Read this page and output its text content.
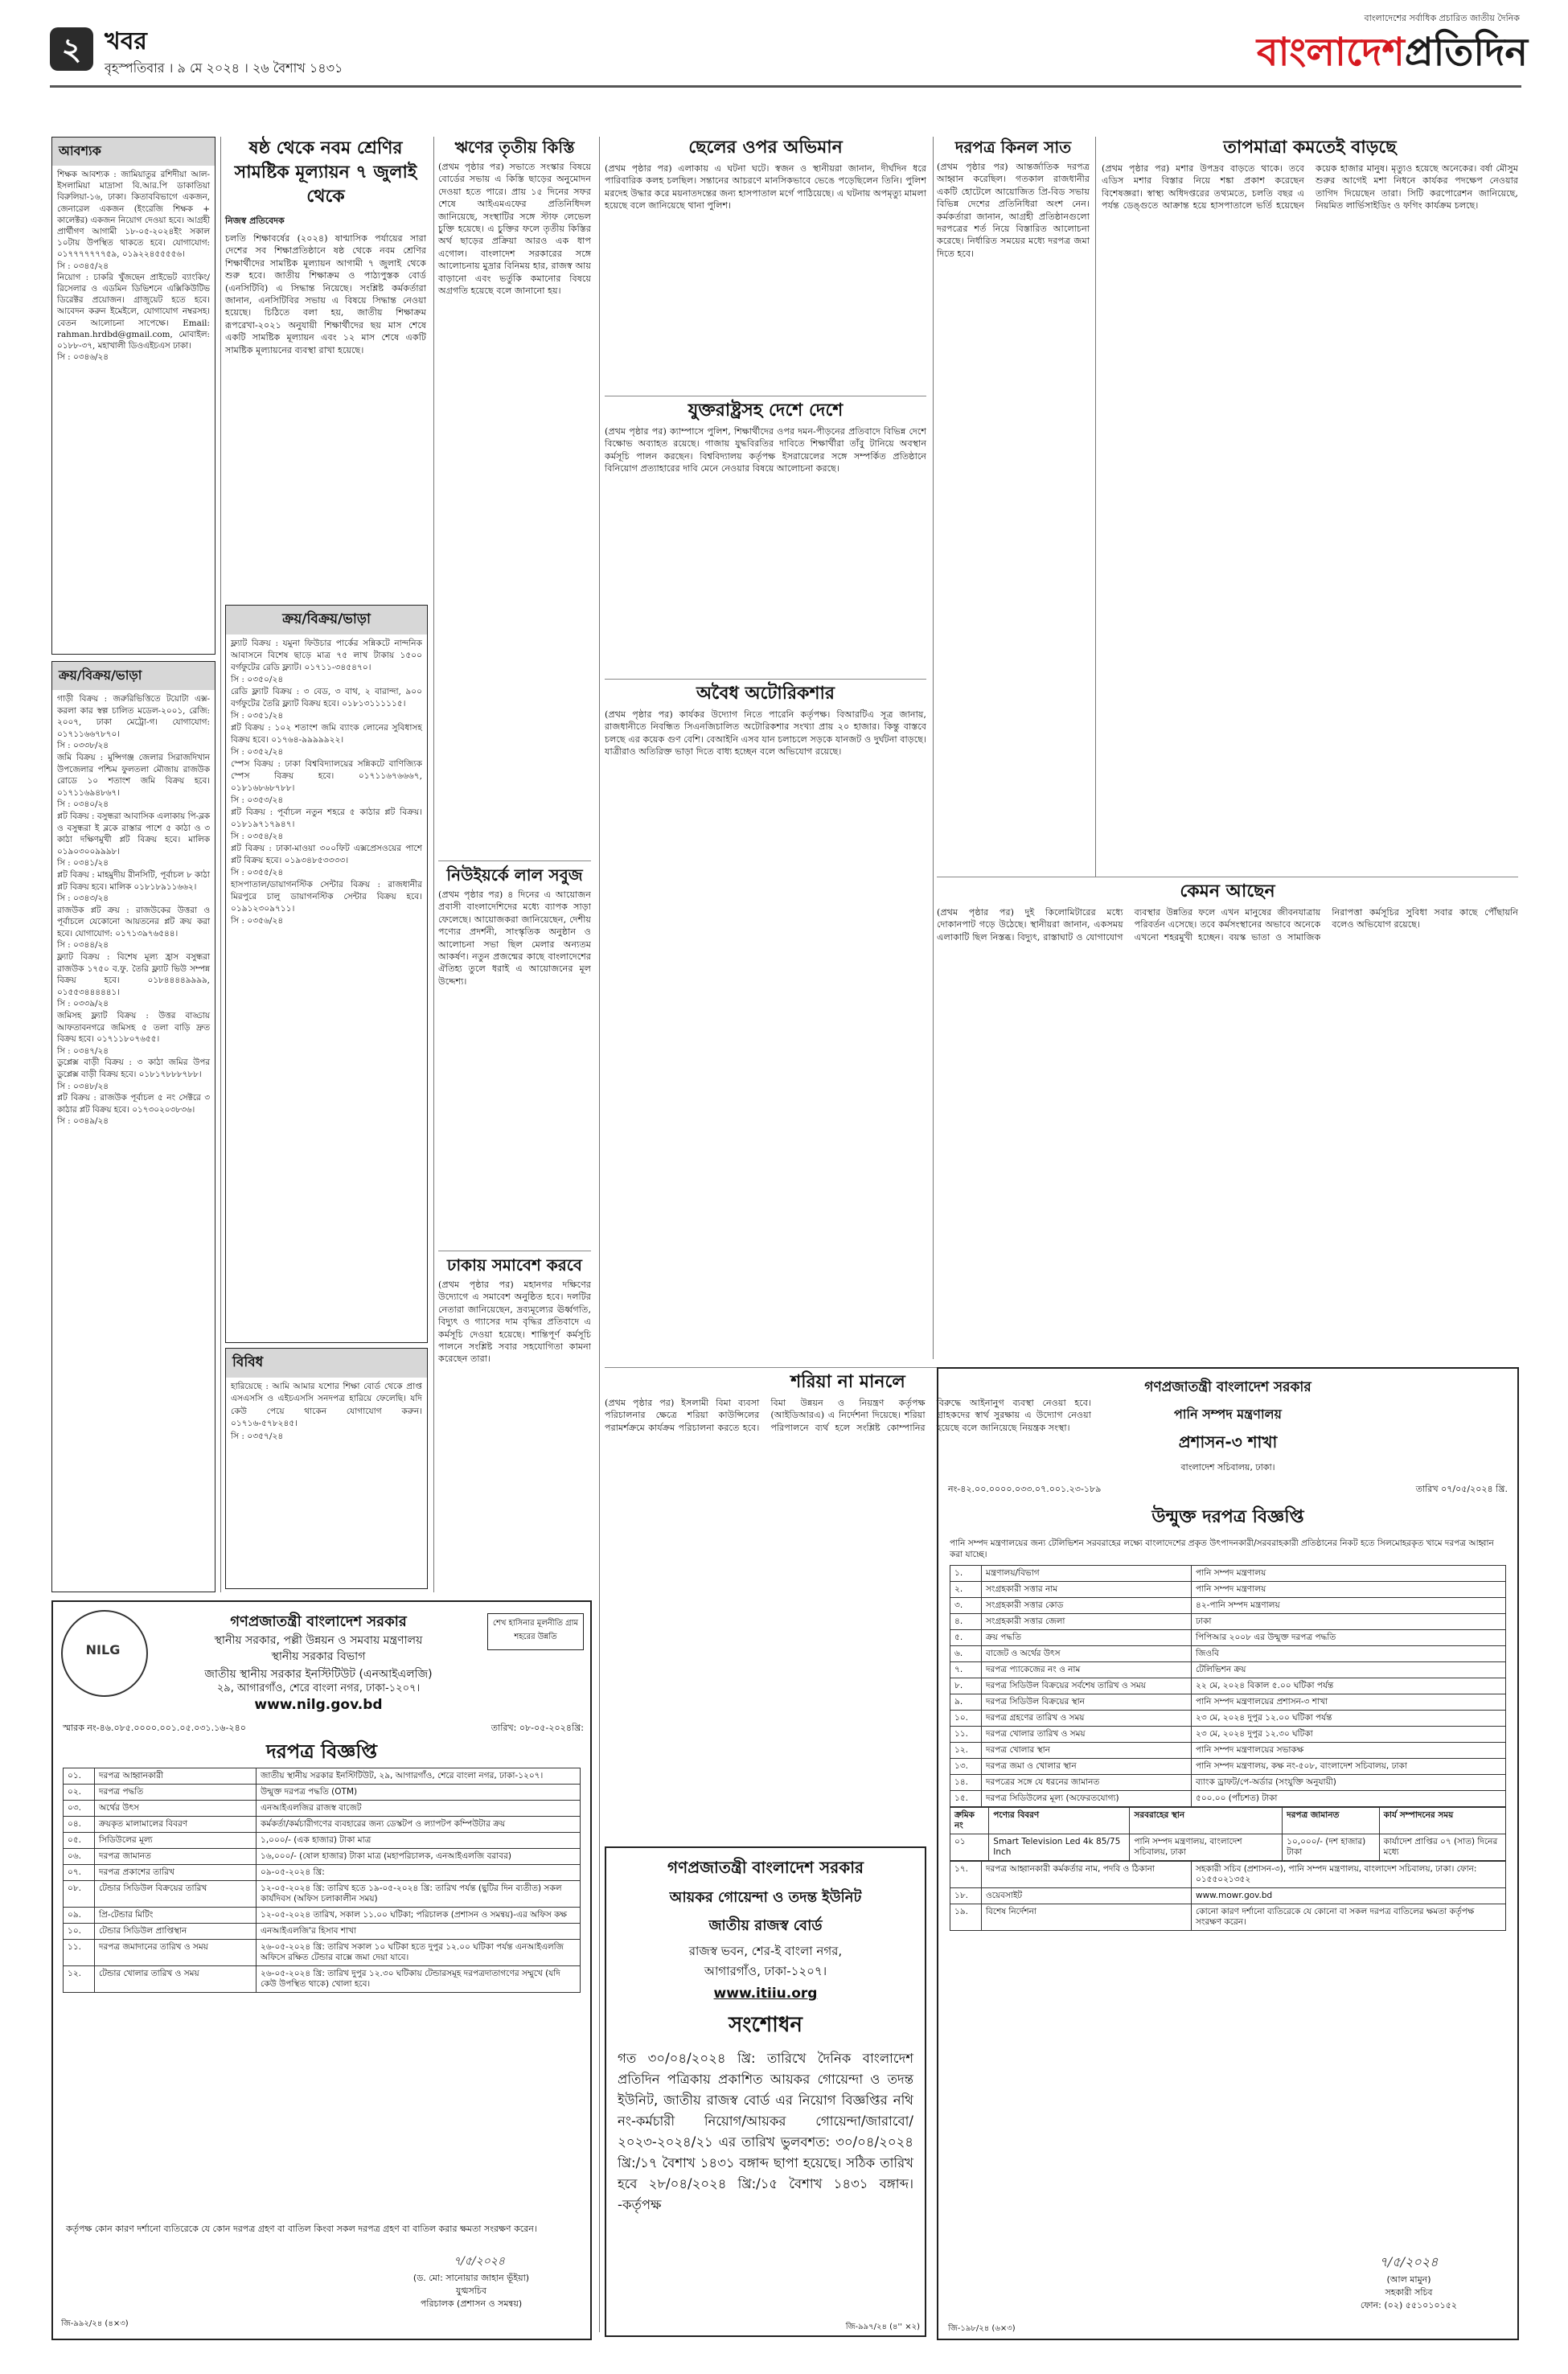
২ খবর
বৃহস্পতিবার । ৯ মে ২০২৪ । ২৬ বৈশাখ ১৪৩১
বাংলাদেশের সর্বাধিক প্রচারিত জাতীয় দৈনিক
বাংলাদেশপ্রতিদিন
আবশ্যক
শিক্ষক আবশ্যক : জামিয়াতুর রশিদীয়া আল-ইসলামিয়া মাদ্রাসা বি.আর.পি ডাকাতিয়া বিরুলিয়া-১৬, ঢাকা। কিতাববিভাগে একজন, জেনারেল একজন (ইংরেজি শিক্ষক + কালেক্টর) একজন নিয়োগ দেওয়া হবে। আগ্রহী প্রার্থীগণ আগামী ১৮-০৫-২০২৪ইং সকাল ১০টায় উপস্থিত থাকতে হবে। যোগাযোগ: ০১৭৭৭৭৭৭৭৫৯, ০১৯২২৪৫৫৫৫৬।
সি : ০৩৪৫/২৪
নিয়োগ : চাকরি খুঁজছেন প্রাইভেট ব্যাংকিং/রিসেলার ও এডমিন ডিভিশনে এক্সিকিউটিভ ডিরেক্টর প্রয়োজন। গ্রাজুয়েট হতে হবে। আবেদন করুন ইমেইলে, যোগাযোগ নম্বরসহ। বেতন আলোচনা সাপেক্ষে। Email: rahman.hrdbd@gmail.com, মোবাইল: ০১৮৮-৩৭, মহাখালী ডিওএইচএস ঢাকা।
সি : ০৩৪৬/২৪
ক্রয়/বিক্রয়/ভাড়া
গাড়ী বিক্রয় : জরুরিভিত্তিতে টয়োটা এক্স-করলা কার স্বল্প চালিত মডেল-২০০১, রেজি: ২০০৭, ঢাকা মেট্রো-গ। যোগাযোগ: ০১৭১১৬৬৭৮৭০।
সি : ০৩৩৮/২৪
জমি বিক্রয় : মুন্সিগঞ্জ জেলার সিরাজদিখান উপজেলার পশ্চিম ফুলতলা মৌজায় রাজউক রোডে ১০ শতাংশ জমি বিক্রয় হবে। ০১৭১১৬৯৪৮৬৭।
সি : ০৩৪০/২৪
প্লট বিক্রয় : বসুন্ধরা আবাসিক এলাকায় পি-ব্লক ও বসুন্ধরা ই ব্লকে রাস্তার পাশে ৫ কাঠা ও ৩ কাঠা দক্ষিণমুখী প্লট বিক্রয় হবে। মালিক ০১৯০৩০০৯৯৯৮।
সি : ০৩৪১/২৪
প্লট বিক্রয় : মাহমুদীয় রীনসিটি, পূর্বাচল ৮ কাঠা প্লট বিক্রয় হবে। মালিক ০১৮১৮৯১১৬৬২।
সি : ০৩৪৩/২৪
রাজউক প্লট ক্রয় : রাজউকের উত্তরা ও পূর্বাচলে যেকোনো আয়তনের প্লট ক্রয় করা হবে। যোগাযোগ: ০১৭১৩৯৭৬৫৪৪।
সি : ০৩৪৪/২৪
ফ্ল্যাট বিক্রয় : বিশেষ মূল্য হ্রাস বসুন্ধরা রাজউক ১৭৫০ ব.ফু. তৈরি ফ্ল্যাট ভিউ সম্পন্ন বিক্রয় হবে। ০১৮৪৪৪৪৯৯৯৯, ০১৫৫৩৪৪৪৪৪১।
সি : ০৩৩৯/২৪
জমিসহ ফ্ল্যাট বিক্রয় : উত্তর বাড্ডায় আফতাবনগরে জমিসহ ৫ তলা বাড়ি দ্রুত বিক্রয় হবে। ০১৭১১৮০৭৬৫৫।
সি : ০৩৪৭/২৪
ডুপ্লেক্স বাড়ী বিক্রয় : ৩ কাঠা জমির উপর ডুপ্লেক্স বাড়ী বিক্রয় হবে। ০১৮১৭৮৮৮৭৮৮।
সি : ০৩৪৮/২৪
প্লট বিক্রয় : রাজউক পূর্বাচল ৫ নং সেক্টরে ৩ কাঠার প্লট বিক্রয় হবে। ০১৭৩০২০৩৮৩৬।
সি : ০৩৪৯/২৪
ষষ্ঠ থেকে নবম শ্রেণির সামষ্টিক মূল্যায়ন ৭ জুলাই থেকে
নিজস্ব প্রতিবেদক
চলতি শিক্ষাবর্ষের (২০২৪) ষাণ্মাসিক পর্যায়ের সারা দেশের সব শিক্ষাপ্রতিষ্ঠানে ষষ্ঠ থেকে নবম শ্রেণির শিক্ষার্থীদের সামষ্টিক মূল্যায়ন আগামী ৭ জুলাই থেকে শুরু হবে। জাতীয় শিক্ষাক্রম ও পাঠ্যপুস্তক বোর্ড (এনসিটিবি) এ সিদ্ধান্ত নিয়েছে। সংশ্লিষ্ট কর্মকর্তারা জানান, এনসিটিবির সভায় এ বিষয়ে সিদ্ধান্ত নেওয়া হয়েছে। চিঠিতে বলা হয়, জাতীয় শিক্ষাক্রম রূপরেখা-২০২১ অনুযায়ী শিক্ষার্থীদের ছয় মাস শেষে একটি সামষ্টিক মূল্যায়ন এবং ১২ মাস শেষে একটি সামষ্টিক মূল্যায়নের ব্যবস্থা রাখা হয়েছে।
ক্রয়/বিক্রয়/ভাড়া
ফ্ল্যাট বিক্রয় : যমুনা ফিউচার পার্কের সন্নিকটে নান্দনিক আবাসনে বিশেষ ছাড়ে মাত্র ৭৫ লাখ টাকায় ১৫০০ বর্গফুটের রেডি ফ্ল্যাট। ০১৭১১-৩৪৫৪৭০।
সি : ০৩৫০/২৪
রেডি ফ্ল্যাট বিক্রয় : ৩ বেড, ৩ বাথ, ২ বারান্দা, ৯০০ বর্গফুটের তৈরি ফ্ল্যাট বিক্রয় হবে। ০১৮১৩১১১১১৫।
সি : ০৩৫১/২৪
প্লট বিক্রয় : ১০২ শতাংশ জমি ব্যাংক লোনের সুবিধাসহ বিক্রয় হবে। ০১৭৬৪-৯৯৯৯৯২২।
সি : ০৩৫২/২৪
স্পেস বিক্রয় : ঢাকা বিশ্ববিদ্যালয়ের সন্নিকটে বাণিজ্যিক স্পেস বিক্রয় হবে। ০১৭১১৬৭৬৬৬৭, ০১৮১৬৮৬৮৭৮৮।
সি : ০৩৫৩/২৪
প্লট বিক্রয় : পূর্বাচল নতুন শহরে ৫ কাঠার প্লট বিক্রয়। ০১৮১৯৭১৭৯৪৭।
সি : ০৩৫৪/২৪
প্লট বিক্রয় : ঢাকা-মাওয়া ৩০০ফিট এক্সপ্রেসওয়ের পাশে প্লট বিক্রয় হবে। ০১৯৩৪৮৫৩৩৩৩।
সি : ০৩৫৫/২৪
হাসপাতাল/ডায়াগনস্টিক সেন্টার বিক্রয় : রাজধানীর মিরপুরে চালু ডায়াগনস্টিক সেন্টার বিক্রয় হবে। ০১৯১২৩০৯৭১১।
সি : ০৩৫৬/২৪
বিবিধ
হারিয়েছে : আমি আমার যশোর শিক্ষা বোর্ড থেকে প্রাপ্ত এসএসসি ও এইচএসসি সনদপত্র হারিয়ে ফেলেছি। যদি কেউ পেয়ে থাকেন যোগাযোগ করুন। ০১৭১৬-৫৭৮২৪৫।
সি : ০৩৫৭/২৪
ঋণের তৃতীয় কিস্তি
(প্রথম পৃষ্ঠার পর) সভাতে সংস্কার বিষয়ে বোর্ডের সভায় এ কিস্তি ছাড়ের অনুমোদন দেওয়া হতে পারে। প্রায় ১৫ দিনের সফর শেষে আইএমএফের প্রতিনিধিদল জানিয়েছে, সংস্থাটির সঙ্গে স্টাফ লেভেল চুক্তি হয়েছে। এ চুক্তির ফলে তৃতীয় কিস্তির অর্থ ছাড়ের প্রক্রিয়া আরও এক ধাপ এগোল। বাংলাদেশ সরকারের সঙ্গে আলোচনায় মুদ্রার বিনিময় হার, রাজস্ব আয় বাড়ানো এবং ভর্তুকি কমানোর বিষয়ে অগ্রগতি হয়েছে বলে জানানো হয়।
নিউইয়র্কে লাল সবুজ
(প্রথম পৃষ্ঠার পর) ৪ দিনের এ আয়োজন প্রবাসী বাংলাদেশিদের মধ্যে ব্যাপক সাড়া ফেলেছে। আয়োজকরা জানিয়েছেন, দেশীয় পণ্যের প্রদর্শনী, সাংস্কৃতিক অনুষ্ঠান ও আলোচনা সভা ছিল মেলার অন্যতম আকর্ষণ। নতুন প্রজন্মের কাছে বাংলাদেশের ঐতিহ্য তুলে ধরাই এ আয়োজনের মূল উদ্দেশ্য।
ঢাকায় সমাবেশ করবে
(প্রথম পৃষ্ঠার পর) মহানগর দক্ষিণের উদ্যোগে এ সমাবেশ অনুষ্ঠিত হবে। দলটির নেতারা জানিয়েছেন, দ্রব্যমূল্যের ঊর্ধ্বগতি, বিদ্যুৎ ও গ্যাসের দাম বৃদ্ধির প্রতিবাদে এ কর্মসূচি দেওয়া হয়েছে। শান্তিপূর্ণ কর্মসূচি পালনে সংশ্লিষ্ট সবার সহযোগিতা কামনা করেছেন তারা।
ছেলের ওপর অভিমান
(প্রথম পৃষ্ঠার পর) এলাকায় এ ঘটনা ঘটে। স্বজন ও স্থানীয়রা জানান, দীর্ঘদিন ধরে পারিবারিক কলহ চলছিল। সন্তানের আচরণে মানসিকভাবে ভেঙে পড়েছিলেন তিনি। পুলিশ মরদেহ উদ্ধার করে ময়নাতদন্তের জন্য হাসপাতাল মর্গে পাঠিয়েছে। এ ঘটনায় অপমৃত্যু মামলা হয়েছে বলে জানিয়েছে থানা পুলিশ।
যুক্তরাষ্ট্রসহ দেশে দেশে
(প্রথম পৃষ্ঠার পর) ক্যাম্পাসে পুলিশ, শিক্ষার্থীদের ওপর দমন-পীড়নের প্রতিবাদে বিভিন্ন দেশে বিক্ষোভ অব্যাহত রয়েছে। গাজায় যুদ্ধবিরতির দাবিতে শিক্ষার্থীরা তাঁবু টানিয়ে অবস্থান কর্মসূচি পালন করছেন। বিশ্ববিদ্যালয় কর্তৃপক্ষ ইসরায়েলের সঙ্গে সম্পর্কিত প্রতিষ্ঠানে বিনিয়োগ প্রত্যাহারের দাবি মেনে নেওয়ার বিষয়ে আলোচনা করছে।
অবৈধ অটোরিকশার
(প্রথম পৃষ্ঠার পর) কার্যকর উদ্যোগ নিতে পারেনি কর্তৃপক্ষ। বিআরটিএ সূত্র জানায়, রাজধানীতে নিবন্ধিত সিএনজিচালিত অটোরিকশার সংখ্যা প্রায় ২০ হাজার। কিন্তু বাস্তবে চলছে এর কয়েক গুণ বেশি। বেআইনি এসব যান চলাচলে সড়কে যানজট ও দুর্ঘটনা বাড়ছে। যাত্রীরাও অতিরিক্ত ভাড়া দিতে বাধ্য হচ্ছেন বলে অভিযোগ রয়েছে।
দরপত্র কিনল সাত
(প্রথম পৃষ্ঠার পর) আন্তর্জাতিক দরপত্র আহ্বান করেছিল। গতকাল রাজধানীর একটি হোটেলে আয়োজিত প্রি-বিড সভায় বিভিন্ন দেশের প্রতিনিধিরা অংশ নেন। কর্মকর্তারা জানান, আগ্রহী প্রতিষ্ঠানগুলো দরপত্রের শর্ত নিয়ে বিস্তারিত আলোচনা করেছে। নির্ধারিত সময়ের মধ্যে দরপত্র জমা দিতে হবে।
তাপমাত্রা কমতেই বাড়ছে
(প্রথম পৃষ্ঠার পর) মশার উপদ্রব বাড়তে থাকে। তবে এডিস মশার বিস্তার নিয়ে শঙ্কা প্রকাশ করেছেন বিশেষজ্ঞরা। স্বাস্থ্য অধিদপ্তরের তথ্যমতে, চলতি বছর এ পর্যন্ত ডেঙ্গুতে আক্রান্ত হয়ে হাসপাতালে ভর্তি হয়েছেন কয়েক হাজার মানুষ। মৃত্যুও হয়েছে অনেকের। বর্ষা মৌসুম শুরুর আগেই মশা নিধনে কার্যকর পদক্ষেপ নেওয়ার তাগিদ দিয়েছেন তারা। সিটি করপোরেশন জানিয়েছে, নিয়মিত লার্ভিসাইডিং ও ফগিং কার্যক্রম চলছে।
কেমন আছেন
(প্রথম পৃষ্ঠার পর) দুই কিলোমিটারের মধ্যে দোকানপাট গড়ে উঠেছে। স্থানীয়রা জানান, একসময় এলাকাটি ছিল নিস্তব্ধ। বিদ্যুৎ, রাস্তাঘাট ও যোগাযোগ ব্যবস্থার উন্নতির ফলে এখন মানুষের জীবনযাত্রায় পরিবর্তন এসেছে। তবে কর্মসংস্থানের অভাবে অনেকে এখনো শহরমুখী হচ্ছেন। বয়স্ক ভাতা ও সামাজিক নিরাপত্তা কর্মসূচির সুবিধা সবার কাছে পৌঁছায়নি বলেও অভিযোগ রয়েছে।
শরিয়া না মানলে
(প্রথম পৃষ্ঠার পর) ইসলামী বিমা ব্যবসা পরিচালনার ক্ষেত্রে শরিয়া কাউন্সিলের পরামর্শক্রমে কার্যক্রম পরিচালনা করতে হবে। বিমা উন্নয়ন ও নিয়ন্ত্রণ কর্তৃপক্ষ (আইডিআরএ) এ নির্দেশনা দিয়েছে। শরিয়া পরিপালনে ব্যর্থ হলে সংশ্লিষ্ট কোম্পানির বিরুদ্ধে আইনানুগ ব্যবস্থা নেওয়া হবে। গ্রাহকদের স্বার্থ সুরক্ষায় এ উদ্যোগ নেওয়া হয়েছে বলে জানিয়েছে নিয়ন্ত্রক সংস্থা।
NILG
শেখ হাসিনার মূলনীতি গ্রাম শহরের উন্নতি
গণপ্রজাতন্ত্রী বাংলাদেশ সরকার
স্থানীয় সরকার, পল্লী উন্নয়ন ও সমবায় মন্ত্রণালয়
স্থানীয় সরকার বিভাগ
জাতীয় স্থানীয় সরকার ইনস্টিটিউট (এনআইএলজি)
২৯, আগারগাঁও, শেরে বাংলা নগর, ঢাকা-১২০৭।
www.nilg.gov.bd
স্মারক নং-৪৬.০৮৫.০০০০.০০১.০৫.০৩১.১৬-২৪০	তারিখ: ০৮-০৫-২০২৪খ্রি:
দরপত্র বিজ্ঞপ্তি
০১.	দরপত্র আহ্বানকারী	জাতীয় স্থানীয় সরকার ইনস্টিটিউট, ২৯, আগারগাঁও, শেরে বাংলা নগর, ঢাকা-১২০৭।
০২.	দরপত্র পদ্ধতি	উন্মুক্ত দরপত্র পদ্ধতি (OTM)
০৩.	অর্থের উৎস	এনআইএলজির রাজস্ব বাজেট
০৪.	ক্রয়কৃত মালামালের বিবরণ	কর্মকর্তা/কর্মচারীগণের ব্যবহারের জন্য ডেস্কটপ ও ল্যাপটপ কম্পিউটার ক্রয়
০৫.	সিডিউলের মূল্য	১,০০০/- (এক হাজার) টাকা মাত্র
০৬.	দরপত্র জামানত	১৬,০০০/- (ষোল হাজার) টাকা মাত্র (মহাপরিচালক, এনআইএলজি বরাবর)
০৭.	দরপত্র প্রকাশের তারিখ	০৯-০৫-২০২৪ খ্রি:
০৮.	টেন্ডার সিডিউল বিক্রয়ের তারিখ	১২-০৫-২০২৪ খ্রি: তারিখ হতে ১৯-০৫-২০২৪ খ্রি: তারিখ পর্যন্ত (ছুটির দিন ব্যতীত) সকল কার্যদিবস (অফিস চলাকালীন সময়)
০৯.	প্রি-টেন্ডার মিটিং	১২-০৫-২০২৪ তারিখ, সকাল ১১.০০ ঘটিকা; পরিচালক (প্রশাসন ও সমন্বয়)-এর অফিস কক্ষ
১০.	টেন্ডার সিডিউল প্রাপ্তিস্থান	এনআইএলজি'র হিসাব শাখা
১১.	দরপত্র জমাদানের তারিখ ও সময়	২৬-০৫-২০২৪ খ্রি: তারিখ সকাল ১০ ঘটিকা হতে দুপুর ১২.০০ ঘটিকা পর্যন্ত এনআইএলজি অফিসে রক্ষিত টেন্ডার বাক্সে জমা দেয়া যাবে।
১২.	টেন্ডার খোলার তারিখ ও সময়	২৬-০৫-২০২৪ খ্রি: তারিখ দুপুর ১২.৩০ ঘটিকায় টেন্ডারসমূহ দরপত্রদাতাগণের সম্মুখে (যদি কেউ উপস্থিত থাকে) খোলা হবে।
কর্তৃপক্ষ কোন কারণ দর্শানো ব্যতিরেকে যে কোন দরপত্র গ্রহণ বা বাতিল কিংবা সকল দরপত্র গ্রহণ বা বাতিল করার ক্ষমতা সংরক্ষণ করেন।
৭/৫/২০২৪
(ড. মো: সানোয়ার জাহান ভূঁইয়া)
যুগ্মসচিব
পরিচালক (প্রশাসন ও সমন্বয়)
জি-৯৯২/২৪ (৪×৩)
গণপ্রজাতন্ত্রী বাংলাদেশ সরকার
আয়কর গোয়েন্দা ও তদন্ত ইউনিট
জাতীয় রাজস্ব বোর্ড
রাজস্ব ভবন, শের-ই বাংলা নগর,
আগারগাঁও, ঢাকা-১২০৭।
www.itiiu.org
সংশোধন
গত ৩০/০৪/২০২৪ খ্রি: তারিখে দৈনিক বাংলাদেশ প্রতিদিন পত্রিকায় প্রকাশিত আয়কর গোয়েন্দা ও তদন্ত ইউনিট, জাতীয় রাজস্ব বোর্ড এর নিয়োগ বিজ্ঞপ্তির নথি নং-কর্মচারী নিয়োগ/আয়কর গোয়েন্দা/জারাবো/২০২৩-২০২৪/২১ এর তারিখ ভুলবশত: ৩০/০৪/২০২৪ খ্রি:/১৭ বৈশাখ ১৪৩১ বঙ্গাব্দ ছাপা হয়েছে। সঠিক তারিখ হবে ২৮/০৪/২০২৪ খ্রি:/১৫ বৈশাখ ১৪৩১ বঙ্গাব্দ। -কর্তৃপক্ষ
জি-৯৯৭/২৪ (৪'' ×২)
গণপ্রজাতন্ত্রী বাংলাদেশ সরকার
পানি সম্পদ মন্ত্রণালয়
প্রশাসন-৩ শাখা
বাংলাদেশ সচিবালয়, ঢাকা।
নং-৪২.০০.০০০০.০৩৩.০৭.০০১.২৩-১৮৯	তারিখ ০৭/০৫/২০২৪ খ্রি.
উন্মুক্ত দরপত্র বিজ্ঞপ্তি
পানি সম্পদ মন্ত্রণালয়ের জন্য টেলিভিশন সরবরাহের লক্ষ্যে বাংলাদেশের প্রকৃত উৎপাদনকারী/সরবরাহকারী প্রতিষ্ঠানের নিকট হতে সিলমোহরকৃত খামে দরপত্র আহ্বান করা যাচ্ছে।
১.	মন্ত্রণালয়/বিভাগ	পানি সম্পদ মন্ত্রণালয়
২.	সংগ্রহকারী সত্তার নাম	পানি সম্পদ মন্ত্রণালয়
৩.	সংগ্রহকারী সত্তার কোড	৪২-পানি সম্পদ মন্ত্রণালয়
৪.	সংগ্রহকারী সত্তার জেলা	ঢাকা
৫.	ক্রয় পদ্ধতি	পিপিআর ২০০৮ এর উন্মুক্ত দরপত্র পদ্ধতি
৬.	বাজেট ও অর্থের উৎস	জিওবি
৭.	দরপত্র প্যাকেজের নং ও নাম	টেলিভিশন ক্রয়
৮.	দরপত্র সিডিউল বিক্রয়ের সর্বশেষ তারিখ ও সময়	২২ মে, ২০২৪ বিকাল ৫.০০ ঘটিকা পর্যন্ত
৯.	দরপত্র সিডিউল বিক্রয়ের স্থান	পানি সম্পদ মন্ত্রণালয়ের প্রশাসন-৩ শাখা
১০.	দরপত্র গ্রহণের তারিখ ও সময়	২৩ মে, ২০২৪ দুপুর ১২.০০ ঘটিকা পর্যন্ত
১১.	দরপত্র খোলার তারিখ ও সময়	২৩ মে, ২০২৪ দুপুর ১২.৩০ ঘটিকা
১২.	দরপত্র খোলার স্থান	পানি সম্পদ মন্ত্রণালয়ের সভাকক্ষ
১৩.	দরপত্র জমা ও খোলার স্থান	পানি সম্পদ মন্ত্রণালয়, কক্ষ নং-৫০৮, বাংলাদেশ সচিবালয়, ঢাকা
১৪.	দরপত্রের সঙ্গে যে ধরনের জামানত	ব্যাংক ড্রাফট/পে-অর্ডার (সংযুক্তি অনুযায়ী)
১৫.	দরপত্র সিডিউলের মূল্য (অফেরতযোগ্য)	৫০০.০০ (পাঁচশত) টাকা
ক্রমিক নং	পণ্যের বিবরণ	সরবরাহের স্থান	দরপত্র জামানত	কার্য সম্পাদনের সময়
০১	Smart Television Led 4k 85/75 Inch	পানি সম্পদ মন্ত্রণালয়, বাংলাদেশ সচিবালয়, ঢাকা	১০,০০০/- (দশ হাজার) টাকা	কার্যাদেশ প্রাপ্তির ০৭ (সাত) দিনের মধ্যে
১৭.	দরপত্র আহ্বানকারী কর্মকর্তার নাম, পদবি ও ঠিকানা	সহকারী সচিব (প্রশাসন-৩), পানি সম্পদ মন্ত্রণালয়, বাংলাদেশ সচিবালয়, ঢাকা। ফোন: ০১৫৫০২১৩৫২
১৮.	ওয়েবসাইট	www.mowr.gov.bd
১৯.	বিশেষ নির্দেশনা	কোনো কারণ দর্শানো ব্যতিরেকে যে কোনো বা সকল দরপত্র বাতিলের ক্ষমতা কর্তৃপক্ষ সংরক্ষণ করেন।
৭/৫/২০২৪
(আল মামুন)
সহকারী সচিব
ফোন: (০২) ৫৫১০১০১৫২
জি-১৯৮/২৪ (৬×৩)
